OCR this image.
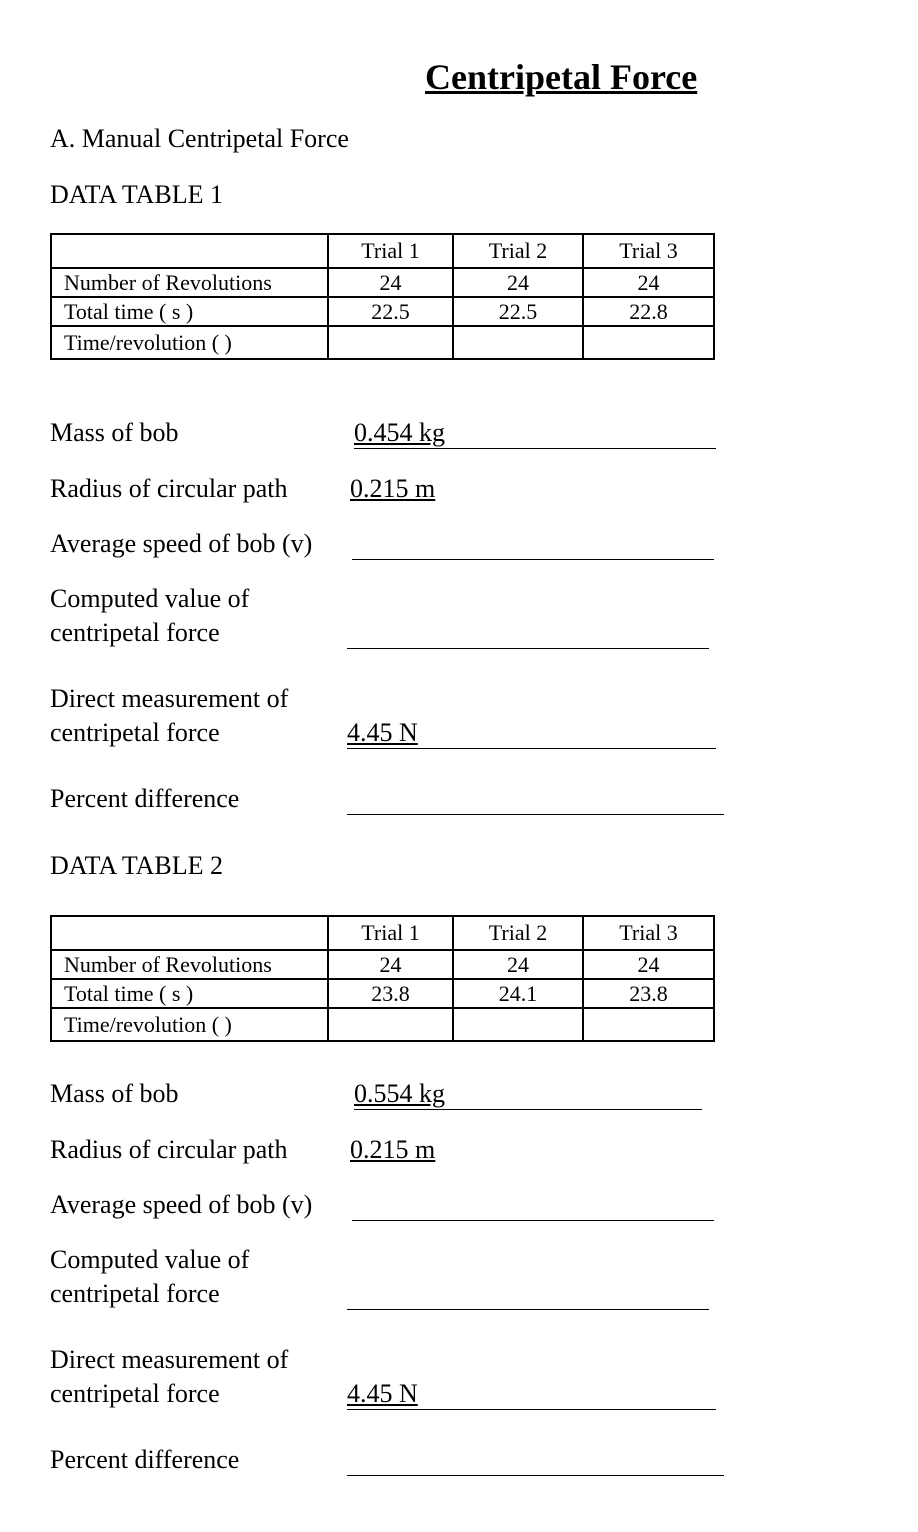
Centripetal Force
A. Manual Centripetal Force
DATA TABLE 1
	Trial 1	Trial 2	Trial 3
Number of Revolutions	24	24	24
Total time ( s )	22.5	22.5	22.8
Time/revolution ( )			
Mass of bob	0.454 kg
Radius of circular path 0.215 m
Average speed of bob (v)
Computed value of
centripetal force
Direct measurement of
centripetal force	4.45 N
Percent difference
DATA TABLE 2
	Trial 1	Trial 2	Trial 3
Number of Revolutions	24	24	24
Total time ( s )	23.8	24.1	23.8
Time/revolution ( )			
Mass of bob	0.554 kg
Radius of circular path 0.215 m
Average speed of bob (v)
Computed value of
centripetal force
Direct measurement of
centripetal force	4.45 N
Percent difference
